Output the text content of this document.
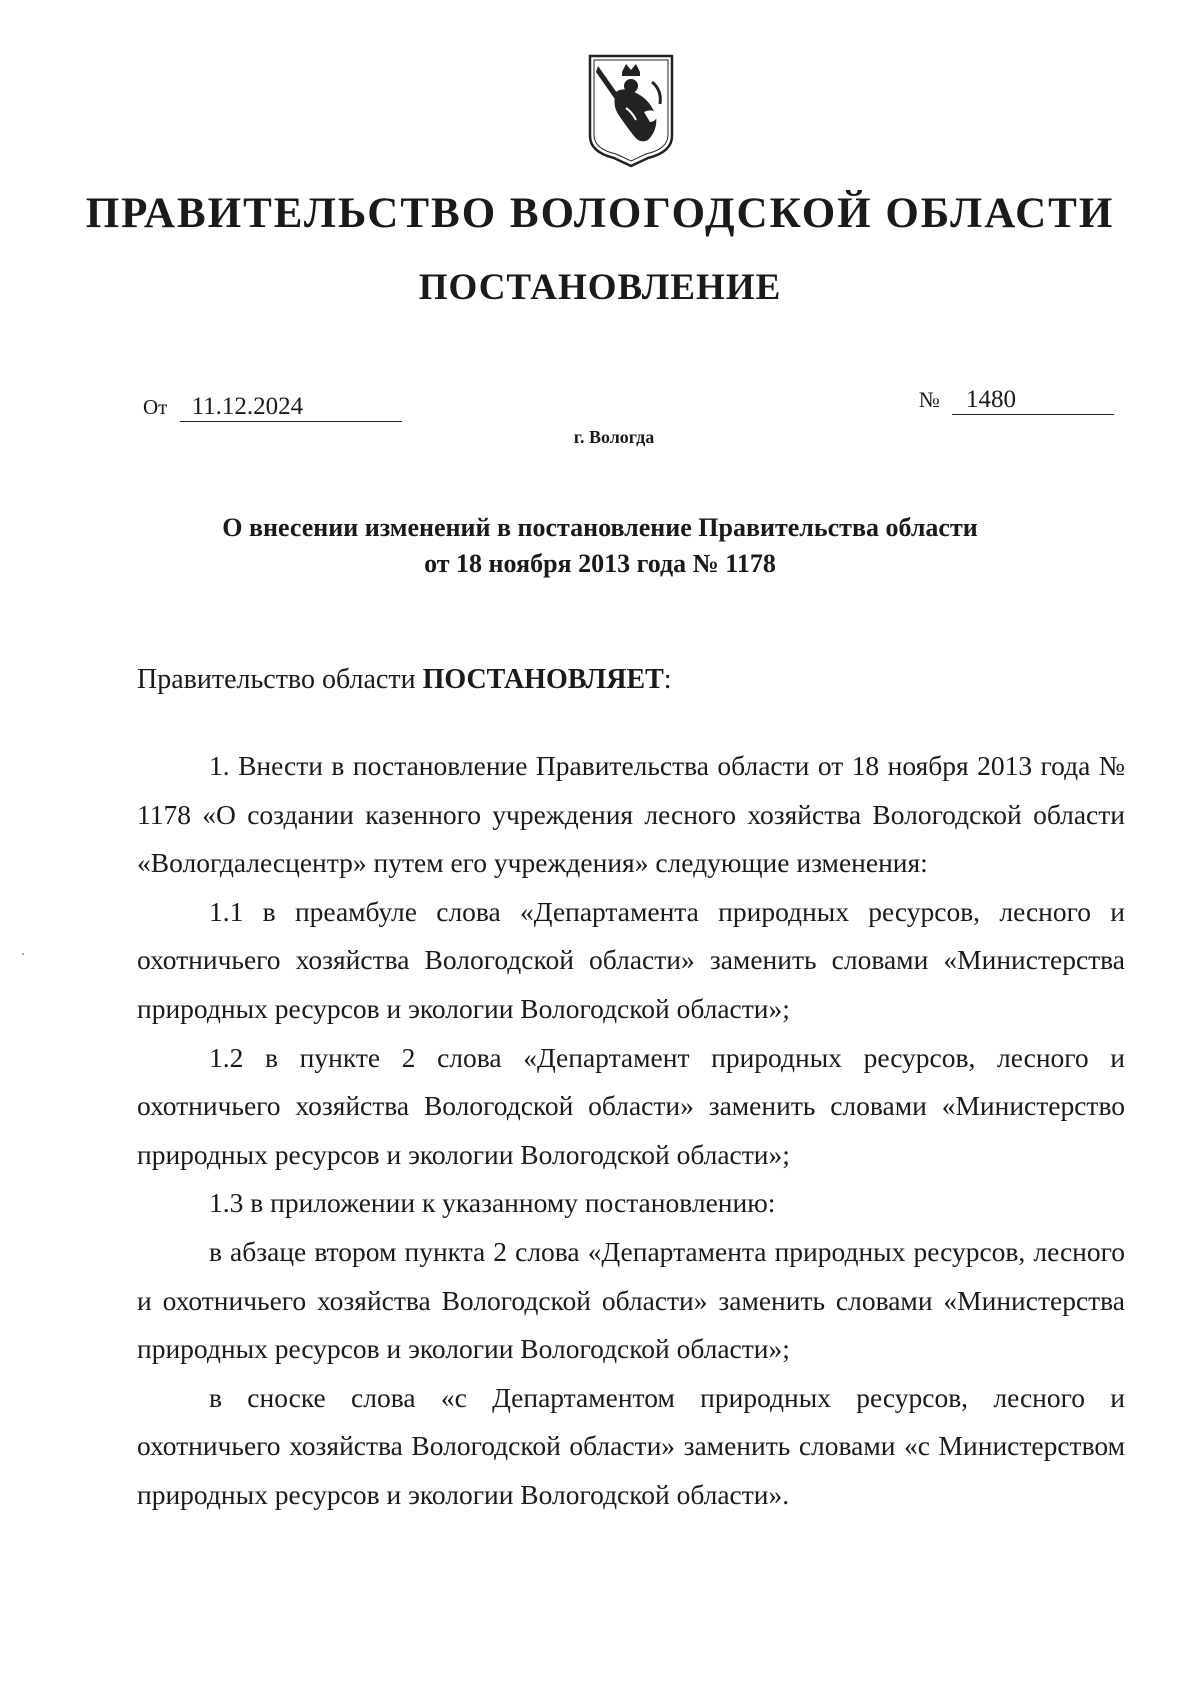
ПРАВИТЕЛЬСТВО ВОЛОГОДСКОЙ ОБЛАСТИ
ПОСТАНОВЛЕНИЕ
От 11.12.2024	№ 1480
г. Вологда
О внесении изменений в постановление Правительства области
от 18 ноября 2013 года № 1178
Правительство области ПОСТАНОВЛЯЕТ:

1. Внести в постановление Правительства области от 18 ноября 2013 года № 1178 «О создании казенного учреждения лесного хозяйства Вологодской области «Вологдалесцентр» путем его учреждения» следующие изменения:

1.1 в преамбуле слова «Департамента природных ресурсов, лесного и охотничьего хозяйства Вологодской области» заменить словами «Министерства природных ресурсов и экологии Вологодской области»;

1.2 в пункте 2 слова «Департамент природных ресурсов, лесного и охотничьего хозяйства Вологодской области» заменить словами «Министерство природных ресурсов и экологии Вологодской области»;

1.3 в приложении к указанному постановлению:

в абзаце втором пункта 2 слова «Департамента природных ресурсов, лесного и охотничьего хозяйства Вологодской области» заменить словами «Министерства природных ресурсов и экологии Вологодской области»;

в сноске слова «с Департаментом природных ресурсов, лесного и охотничьего хозяйства Вологодской области» заменить словами «с Министерством природных ресурсов и экологии Вологодской области».
